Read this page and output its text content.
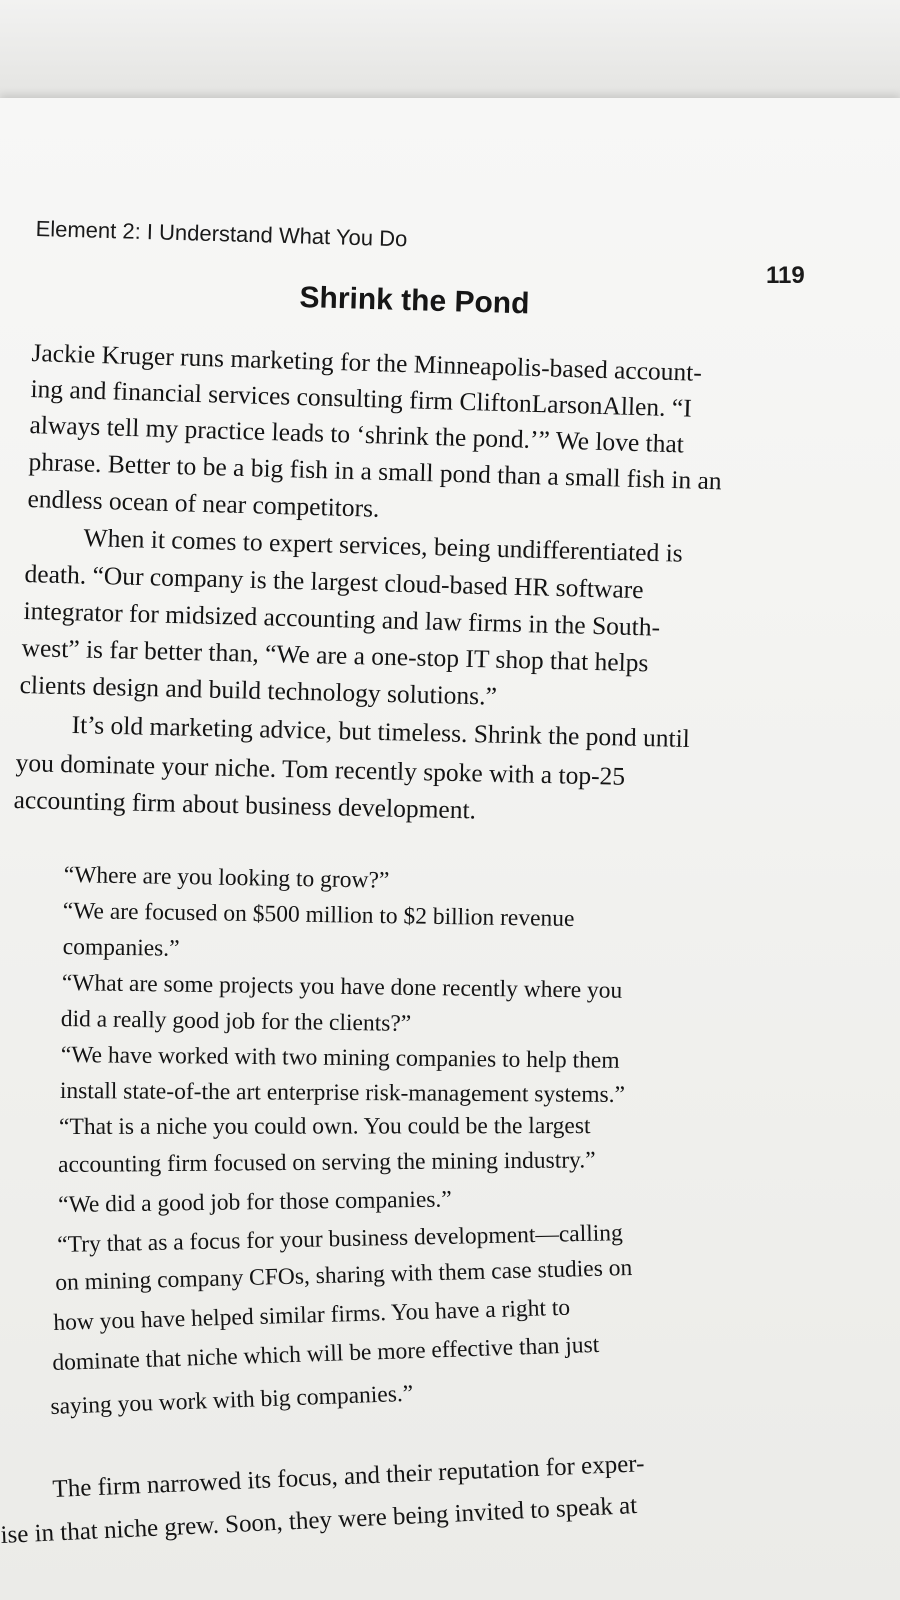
Element 2: I Understand What You Do
119
Shrink the Pond
Jackie Kruger runs marketing for the Minneapolis-based account-
ing and financial services consulting firm CliftonLarsonAllen. “I
always tell my practice leads to ‘shrink the pond.’” We love that
phrase. Better to be a big fish in a small pond than a small fish in an
endless ocean of near competitors.
When it comes to expert services, being undifferentiated is
death. “Our company is the largest cloud-based HR software
integrator for midsized accounting and law firms in the South-
west” is far better than, “We are a one-stop IT shop that helps
clients design and build technology solutions.”
It’s old marketing advice, but timeless. Shrink the pond until
you dominate your niche. Tom recently spoke with a top-25
accounting firm about business development.
“Where are you looking to grow?”
“We are focused on $500 million to $2 billion revenue
companies.”
“What are some projects you have done recently where you
did a really good job for the clients?”
“We have worked with two mining companies to help them
install state-of-the art enterprise risk-management systems.”
“That is a niche you could own. You could be the largest
accounting firm focused on serving the mining industry.”
“We did a good job for those companies.”
“Try that as a focus for your business development—calling
on mining company CFOs, sharing with them case studies on
how you have helped similar firms. You have a right to
dominate that niche which will be more effective than just
saying you work with big companies.”
The firm narrowed its focus, and their reputation for exper-
ise in that niche grew. Soon, they were being invited to speak at
